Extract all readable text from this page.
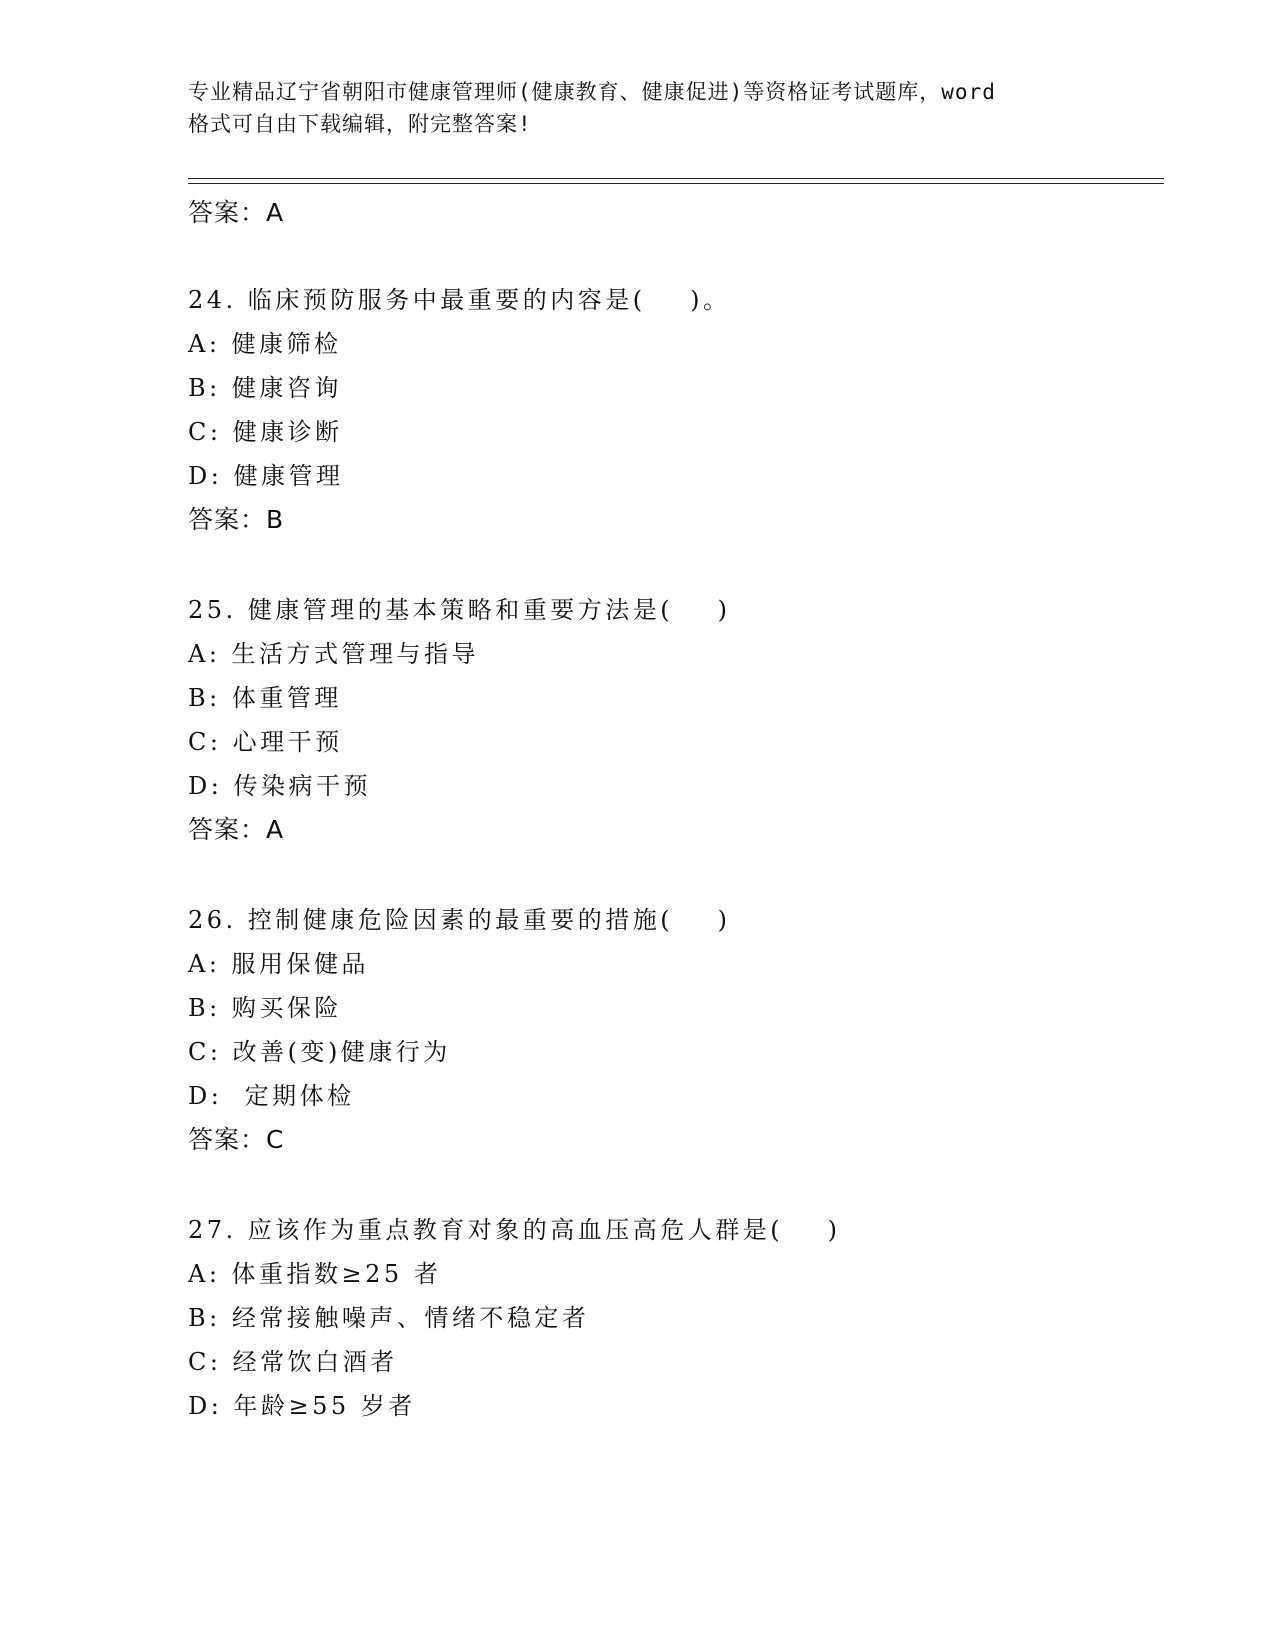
专业精品辽宁省朝阳市健康管理师(健康教育、健康促进)等资格证考试题库，word
格式可自由下载编辑，附完整答案!
答案：A
24. 临床预防服务中最重要的内容是(    )。
A: 健康筛检
B: 健康咨询
C: 健康诊断
D: 健康管理
答案：B
25. 健康管理的基本策略和重要方法是(    )
A: 生活方式管理与指导
B: 体重管理
C: 心理干预
D: 传染病干预
答案：A
26. 控制健康危险因素的最重要的措施(    )
A: 服用保健品
B: 购买保险
C: 改善(变)健康行为
D:  定期体检
答案：C
27. 应该作为重点教育对象的高血压高危人群是(    )
A: 体重指数≥25 者
B: 经常接触噪声、情绪不稳定者
C: 经常饮白酒者
D: 年龄≥55 岁者
